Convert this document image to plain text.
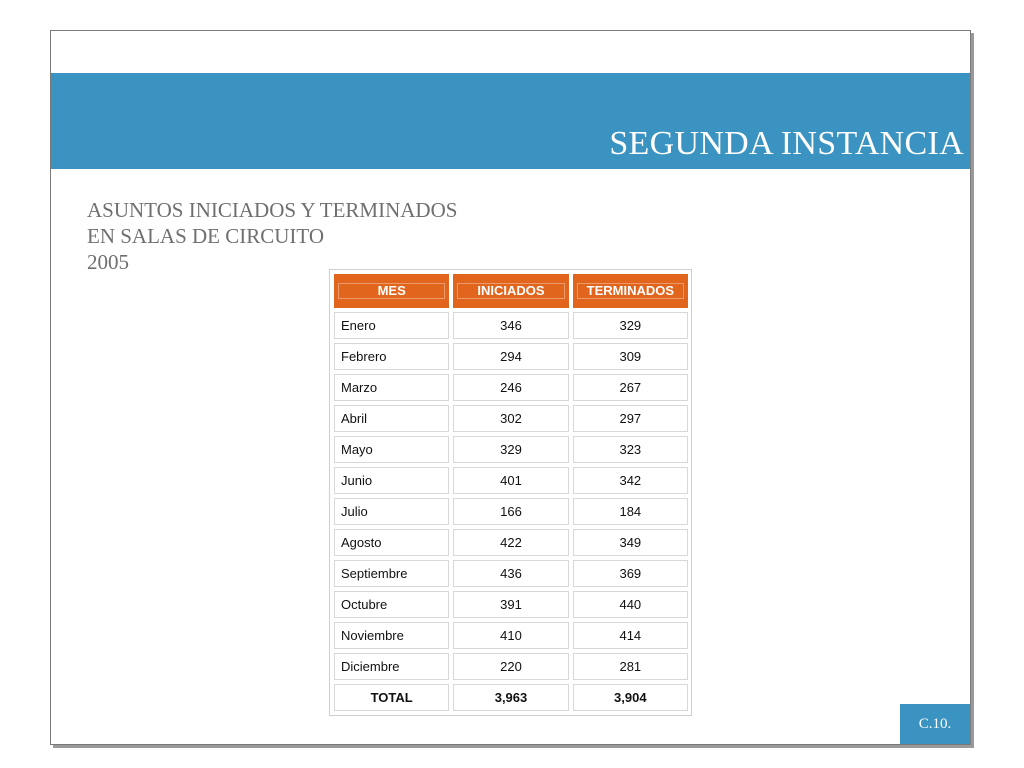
SEGUNDA INSTANCIA
ASUNTOS INICIADOS Y TERMINADOS
EN SALAS DE CIRCUITO
2005
MES	INICIADOS	TERMINADOS

Enero	346	329
Febrero	294	309
Marzo	246	267
Abril	302	297
Mayo	329	323
Junio	401	342
Julio	166	184
Agosto	422	349
Septiembre	436	369
Octubre	391	440
Noviembre	410	414
Diciembre	220	281
TOTAL	3,963	3,904
C.10.
